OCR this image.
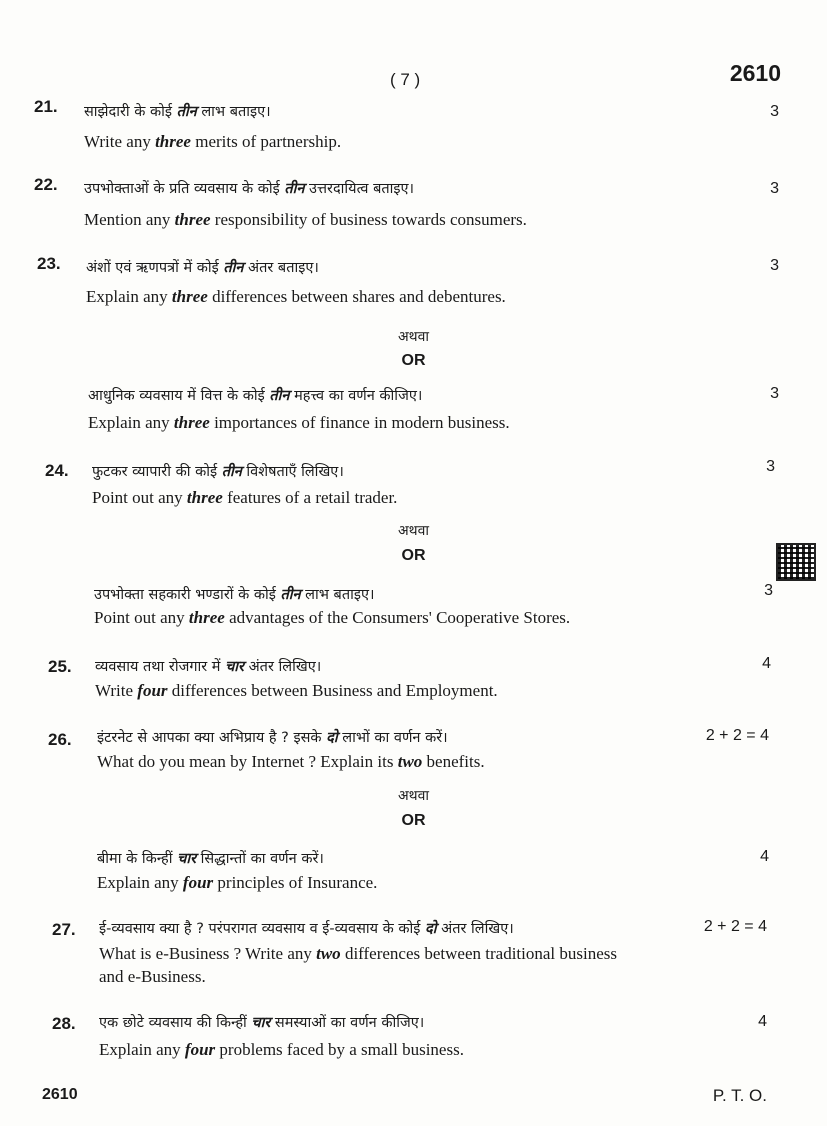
( 7 )	2610
21. साझेदारी के कोई तीन लाभ बताइए।	3
Write any three merits of partnership.
22. उपभोक्ताओं के प्रति व्यवसाय के कोई तीन उत्तरदायित्व बताइए।	3
Mention any three responsibility of business towards consumers.
23. अंशों एवं ऋणपत्रों में कोई तीन अंतर बताइए।	3
Explain any three differences between shares and debentures.
अथवा
OR
आधुनिक व्यवसाय में वित्त के कोई तीन महत्त्व का वर्णन कीजिए।	3
Explain any three importances of finance in modern business.
24. फुटकर व्यापारी की कोई तीन विशेषताएँ लिखिए।	3
Point out any three features of a retail trader.
अथवा
OR
उपभोक्ता सहकारी भण्डारों के कोई तीन लाभ बताइए।	3
Point out any three advantages of the Consumers' Cooperative Stores.
25. व्यवसाय तथा रोजगार में चार अंतर लिखिए।	4
Write four differences between Business and Employment.
26. इंटरनेट से आपका क्या अभिप्राय है ? इसके दो लाभों का वर्णन करें।	2 + 2 = 4
What do you mean by Internet ? Explain its two benefits.
अथवा
OR
बीमा के किन्हीं चार सिद्धान्तों का वर्णन करें।	4
Explain any four principles of Insurance.
27. ई-व्यवसाय क्या है ? परंपरागत व्यवसाय व ई-व्यवसाय के कोई दो अंतर लिखिए।	2 + 2 = 4
What is e-Business ? Write any two differences between traditional business
and e-Business.
28. एक छोटे व्यवसाय की किन्हीं चार समस्याओं का वर्णन कीजिए।	4
Explain any four problems faced by a small business.
2610	P. T. O.
